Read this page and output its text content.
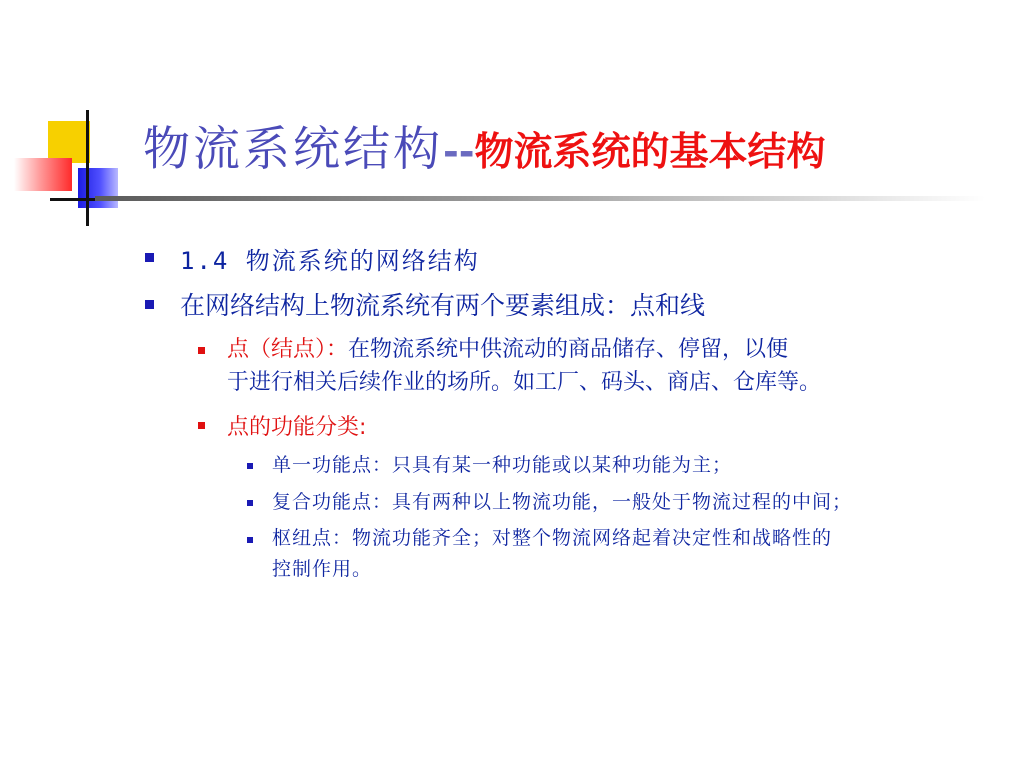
物流系统结构--物流系统的基本结构
1.4 物流系统的网络结构
在网络结构上物流系统有两个要素组成：点和线
点（结点）：在物流系统中供流动的商品储存、停留，以便
于进行相关后续作业的场所。如工厂、码头、商店、仓库等。
点的功能分类:
单一功能点：只具有某一种功能或以某种功能为主；
复合功能点：具有两种以上物流功能，一般处于物流过程的中间；
枢纽点：物流功能齐全；对整个物流网络起着决定性和战略性的
控制作用。
